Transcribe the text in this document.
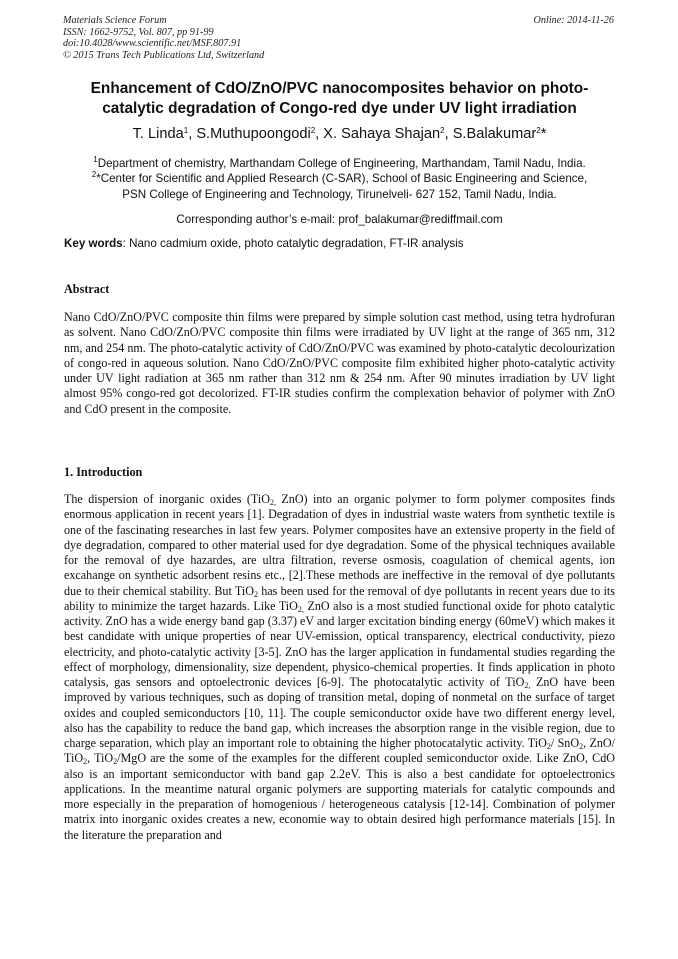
Materials Science Forum
ISSN: 1662-9752, Vol. 807, pp 91-99
doi:10.4028/www.scientific.net/MSF.807.91
© 2015 Trans Tech Publications Ltd, Switzerland
Online: 2014-11-26
Enhancement of CdO/ZnO/PVC nanocomposites behavior on photo-
catalytic degradation of Congo-red dye under UV light irradiation
T. Linda$^1$, S.Muthupoongodi$^2$, X. Sahaya Shajan$^2$, S.Balakumar$^2$*
$^1$Department of chemistry, Marthandam College of Engineering, Marthandam, Tamil Nadu, India.
$^2$*Center for Scientific and Applied Research (C-SAR), School of Basic Engineering and Science,
PSN College of Engineering and Technology, Tirunelveli- 627 152, Tamil Nadu, India.
Corresponding author’s e-mail: prof_balakumar@rediffmail.com
Key words: Nano cadmium oxide, photo catalytic degradation, FT-IR analysis
Abstract
Nano CdO/ZnO/PVC composite thin films were prepared by simple solution cast method, using tetra hydrofuran as solvent. Nano CdO/ZnO/PVC composite thin films were irradiated by UV light at the range of 365 nm, 312 nm, and 254 nm. The photo-catalytic activity of CdO/ZnO/PVC was examined by photo-catalytic decolourization of congo-red in aqueous solution. Nano CdO/ZnO/PVC composite film exhibited higher photo-catalytic activity under UV light radiation at 365 nm rather than 312 nm & 254 nm. After 90 minutes irradiation by UV light almost 95% congo-red got decolorized. FT-IR studies confirm the complexation behavior of polymer with ZnO and CdO present in the composite.
1. Introduction
The dispersion of inorganic oxides (TiO$_{2,}$ ZnO) into an organic polymer to form polymer composites finds enormous application in recent years [1]. Degradation of dyes in industrial waste waters from synthetic textile is one of the fascinating researches in last few years. Polymer composites have an extensive property in the field of dye degradation, compared to other material used for dye degradation. Some of the physical techniques available for the removal of dye hazardes, are ultra filtration, reverse osmosis, coagulation of chemical agents, ion excahange on synthetic adsorbent resins etc., [2].These methods are ineffective in the removal of dye pollutants due to their chemical stability. But TiO$_2$ has been used for the removal of dye pollutants in recent years due to its ability to minimize the target hazards. Like TiO$_{2,}$ ZnO also is a most studied functional oxide for photo catalytic activity. ZnO has a wide energy band gap (3.37) eV and larger excitation binding energy (60meV) which makes it best candidate with unique properties of near UV-emission, optical transparency, electrical conductivity, piezo electricity, and photo-catalytic activity [3-5]. ZnO has the larger application in fundamental studies regarding the effect of morphology, dimensionality, size dependent, physico-chemical properties. It finds application in photo catalysis, gas sensors and optoelectronic devices [6-9]. The photocatalytic activity of TiO$_{2,}$ ZnO have been improved by various techniques, such as doping of transition metal, doping of nonmetal on the surface of target oxides and coupled semiconductors [10, 11]. The couple semiconductor oxide have two different energy level, also has the capability to reduce the band gap, which increases the absorption range in the visible region, due to charge separation, which play an important role to obtaining the higher photocatalytic activity. TiO$_2$/ SnO$_2$, ZnO/ TiO$_2$, TiO$_2$/MgO are the some of the examples for the different coupled semiconductor oxide. Like ZnO, CdO also is an important semiconductor with band gap 2.2eV. This is also a best candidate for optoelectronics applications. In the meantime natural organic polymers are supporting materials for catalytic compounds and more especially in the preparation of homogenious / heterogeneous catalysis [12-14]. Combination of polymer matrix into inorganic oxides creates a new, economie way to obtain desired high performance materials [15]. In the literature the preparation and
